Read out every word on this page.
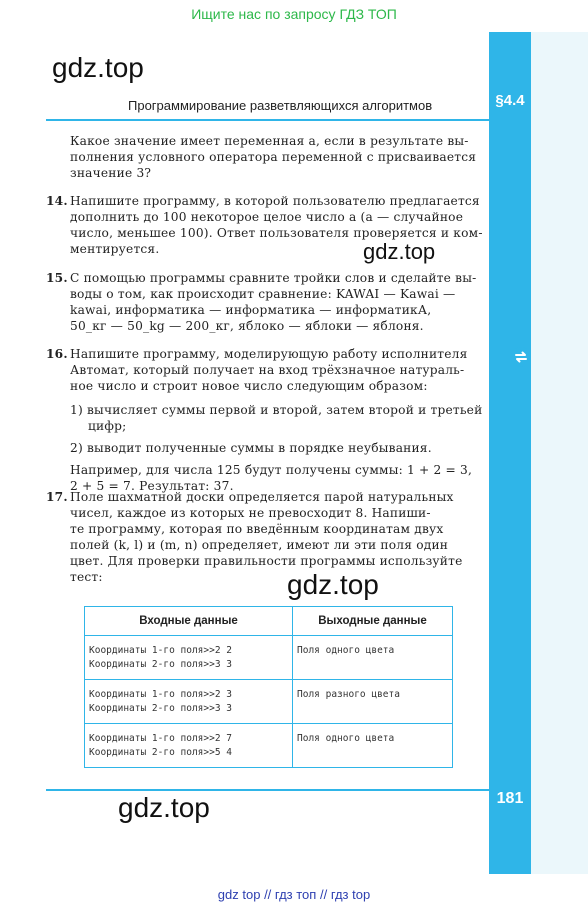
Ищите нас по запросу ГДЗ ТОП
§4.4
181
gdz.top
Программирование разветвляющихся алгоритмов
Какое значение имеет переменная a, если в результате вы-
полнения условного оператора переменной c присваивается
значение 3?
14. Напишите программу, в которой пользователю предлагается
дополнить до 100 некоторое целое число a (a — случайное
число, меньшее 100). Ответ пользователя проверяется и ком-
ментируется.	gdz.top
15. С помощью программы сравните тройки слов и сделайте вы-
воды о том, как происходит сравнение: KAWAI — Kawai —
kawai, информатика — информатика — информатикА,
50_кг — 50_kg — 200_кг, яблоко — яблоки — яблоня.
16. Напишите программу, моделирующую работу исполнителя
Автомат, который получает на вход трёхзначное натураль-
ное число и строит новое число следующим образом:
1) вычисляет суммы первой и второй, затем второй и третьей
цифр;
2) выводит полученные суммы в порядке неубывания.
Например, для числа 125 будут получены суммы: 1 + 2 = 3,
2 + 5 = 7. Результат: 37.
17. Поле шахматной доски определяется парой натуральных
чисел, каждое из которых не превосходит 8. Напиши-
те программу, которая по введённым координатам двух
полей (k, l) и (m, n) определяет, имеют ли эти поля один
цвет. Для проверки правильности программы используйте
тест:	gdz.top
Входные данные	Выходные данные

Координаты 1-го поля>>2 2
Координаты 2-го поля>>3 3	Поля одного цвета

Координаты 1-го поля>>2 3
Координаты 2-го поля>>3 3	Поля разного цвета

Координаты 1-го поля>>2 7
Координаты 2-го поля>>5 4	Поля одного цвета
gdz.top
gdz top // гдз топ // гдз top
